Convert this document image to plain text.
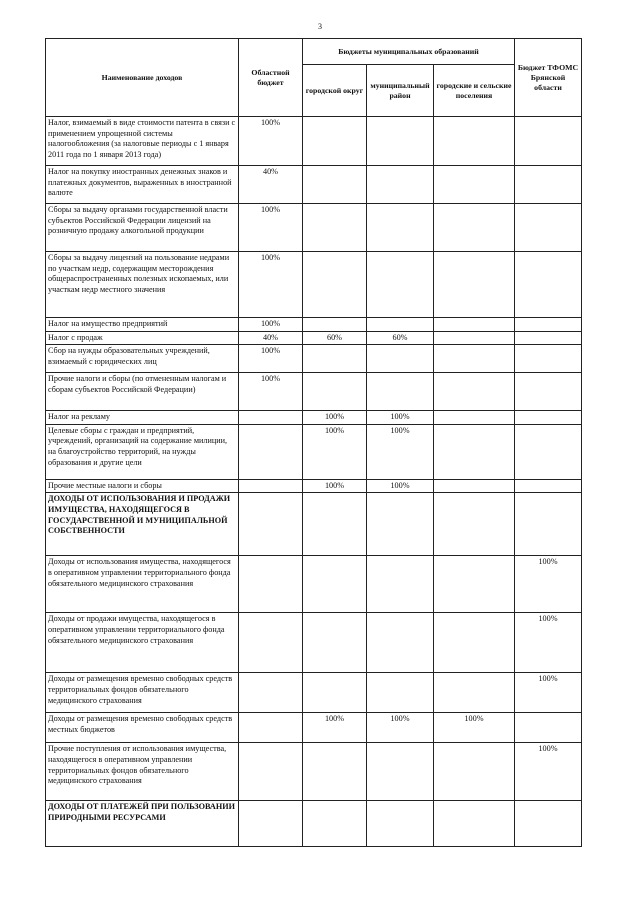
3
Наименование доходов	Областной бюджет	Бюджеты муниципальных образований			Бюджет ТФОМС Брянской области
		городской округ	муниципальный район	городские и сельские поселения	
Налог, взимаемый в виде стоимости патента в связи с применением упрощенной системы налогообложения (за налоговые периоды с 1 января 2011 года по 1 января 2013 года)	100%				
Налог на покупку иностранных денежных знаков и платежных документов, выраженных в иностранной валюте	40%				
Сборы за выдачу органами государственной власти субъектов Российской Федерации лицензий на розничную продажу алкогольной продукции	100%				
Сборы за выдачу лицензий на пользование недрами по участкам недр, содержащим месторождения общераспространенных полезных ископаемых, или участкам недр местного значения	100%				
Налог на имущество предприятий	100%				
Налог с продаж	40%	60%	60%		
Сбор на нужды образовательных учреждений, взимаемый с юридических лиц	100%				
Прочие налоги и сборы (по отмененным налогам и сборам субъектов Российской Федерации)	100%				
Налог на рекламу		100%	100%		
Целевые сборы с граждан и предприятий, учреждений, организаций на содержание милиции, на благоустройство территорий, на нужды образования и другие цели		100%	100%		
Прочие местные налоги и сборы		100%	100%		
ДОХОДЫ ОТ ИСПОЛЬЗОВАНИЯ И ПРОДАЖИ ИМУЩЕСТВА, НАХОДЯЩЕГОСЯ В ГОСУДАРСТВЕННОЙ И МУНИЦИПАЛЬНОЙ СОБСТВЕННОСТИ					
Доходы от использования имущества, находящегося в оперативном управлении территориального фонда обязательного медицинского страхования					100%
Доходы от продажи имущества, находящегося в оперативном управлении территориального фонда обязательного медицинского страхования					100%
Доходы от размещения временно свободных средств территориальных фондов обязательного медицинского страхования					100%
Доходы от размещения временно свободных средств местных бюджетов		100%	100%	100%	
Прочие поступления от использования имущества, находящегося в оперативном управлении территориальных фондов обязательного медицинского страхования					100%
ДОХОДЫ ОТ ПЛАТЕЖЕЙ ПРИ ПОЛЬЗОВАНИИ ПРИРОДНЫМИ РЕСУРСАМИ					
